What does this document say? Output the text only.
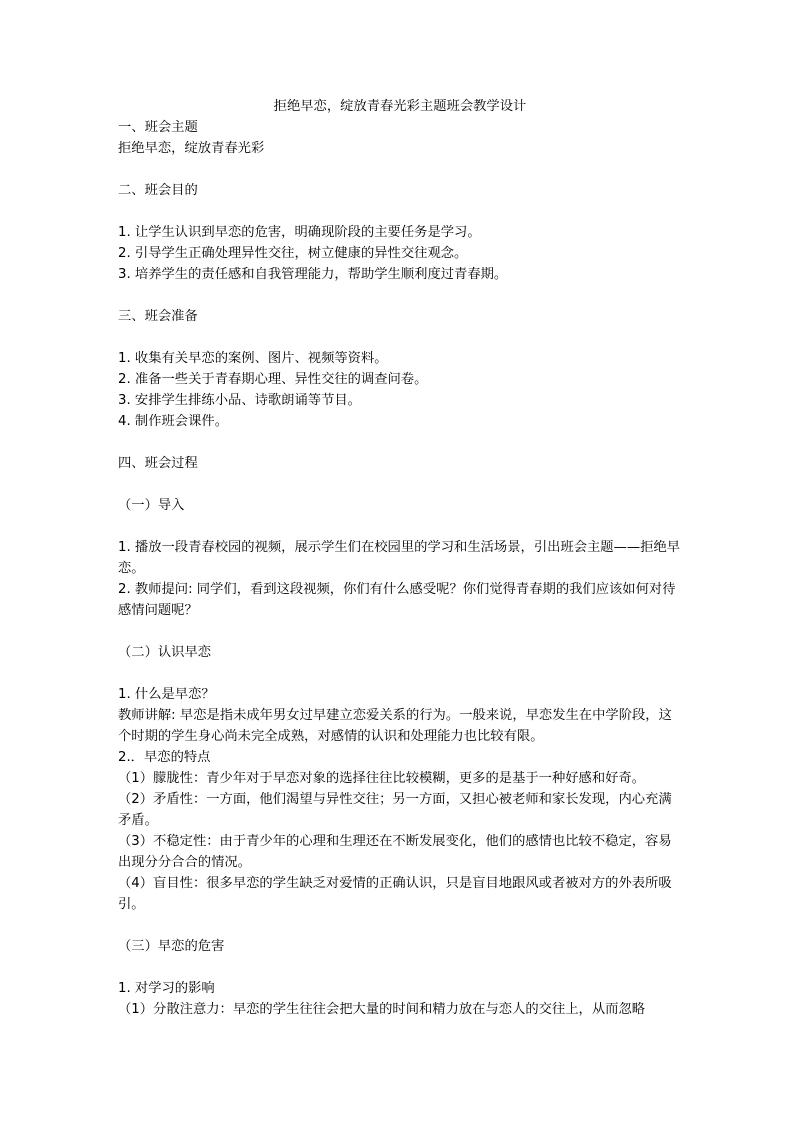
拒绝早恋，绽放青春光彩主题班会教学设计
一、班会主题
拒绝早恋，绽放青春光彩
二、班会目的
1. 让学生认识到早恋的危害，明确现阶段的主要任务是学习。
2. 引导学生正确处理异性交往，树立健康的异性交往观念。
3. 培养学生的责任感和自我管理能力，帮助学生顺利度过青春期。
三、班会准备
1. 收集有关早恋的案例、图片、视频等资料。
2. 准备一些关于青春期心理、异性交往的调查问卷。
3. 安排学生排练小品、诗歌朗诵等节目。
4. 制作班会课件。
四、班会过程
（一）导入
1. 播放一段青春校园的视频，展示学生们在校园里的学习和生活场景，引出班会主题——拒绝早恋。
2. 教师提问: 同学们，看到这段视频，你们有什么感受呢？你们觉得青春期的我们应该如何对待感情问题呢？
（二）认识早恋
1. 什么是早恋？
教师讲解: 早恋是指未成年男女过早建立恋爱关系的行为。一般来说，早恋发生在中学阶段，这个时期的学生身心尚未完全成熟，对感情的认识和处理能力也比较有限。
2.．早恋的特点
（1）朦胧性：青少年对于早恋对象的选择往往比较模糊，更多的是基于一种好感和好奇。
（2）矛盾性：一方面，他们渴望与异性交往；另一方面，又担心被老师和家长发现，内心充满矛盾。
（3）不稳定性：由于青少年的心理和生理还在不断发展变化，他们的感情也比较不稳定，容易出现分分合合的情况。
（4）盲目性：很多早恋的学生缺乏对爱情的正确认识，只是盲目地跟风或者被对方的外表所吸引。
（三）早恋的危害
1. 对学习的影响
（1）分散注意力：早恋的学生往往会把大量的时间和精力放在与恋人的交往上，从而忽略
